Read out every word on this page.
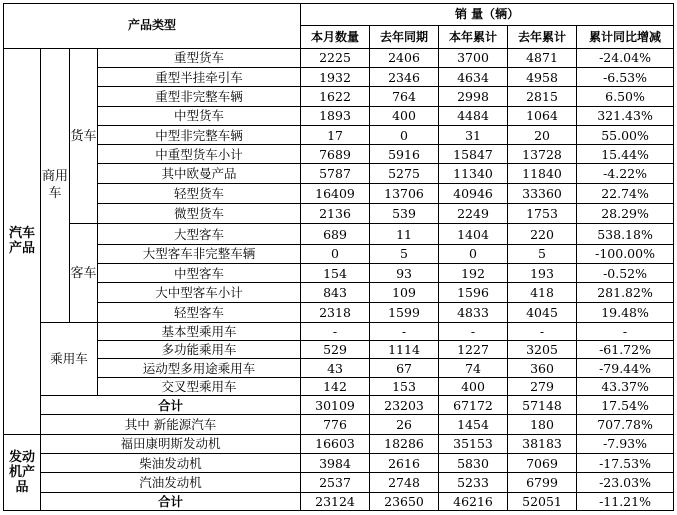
产品类型				销 量（辆）				
				本月数量	去年同期	本年累计	去年累计	累计同比增减
汽车产品	商用车	货车	重型货车	2225	2406	3700	4871	-24.04%
			重型半挂牵引车	1932	2346	4634	4958	-6.53%
			重型非完整车辆	1622	764	2998	2815	6.50%
			中型货车	1893	400	4484	1064	321.43%
			中型非完整车辆	17	0	31	20	55.00%
			中重型货车小计	7689	5916	15847	13728	15.44%
			其中欧曼产品	5787	5275	11340	11840	-4.22%
			轻型货车	16409	13706	40946	33360	22.74%
			微型货车	2136	539	2249	1753	28.29%

		客车	大型客车	689	11	1404	220	538.18%
			大型客车非完整车辆	0	5	0	5	-100.00%
			中型客车	154	93	192	193	-0.52%
			大中型客车小计	843	109	1596	418	281.82%
			轻型客车	2318	1599	4833	4045	19.48%
	乘用车		基本型乘用车	-	-	-	-	-
			多功能乘用车	529	1114	1227	3205	-61.72%
			运动型多用途乘用车	43	67	74	360	-79.44%
			交叉型乘用车	142	153	400	279	43.37%
	合计			30109	23203	67172	57148	17.54%
	其中 新能源汽车			776	26	1454	180	707.78%
发动机产品	福田康明斯发动机			16603	18286	35153	38183	-7.93%
	柴油发动机			3984	2616	5830	7069	-17.53%
	汽油发动机			2537	2748	5233	6799	-23.03%
	合计			23124	23650	46216	52051	-11.21%
